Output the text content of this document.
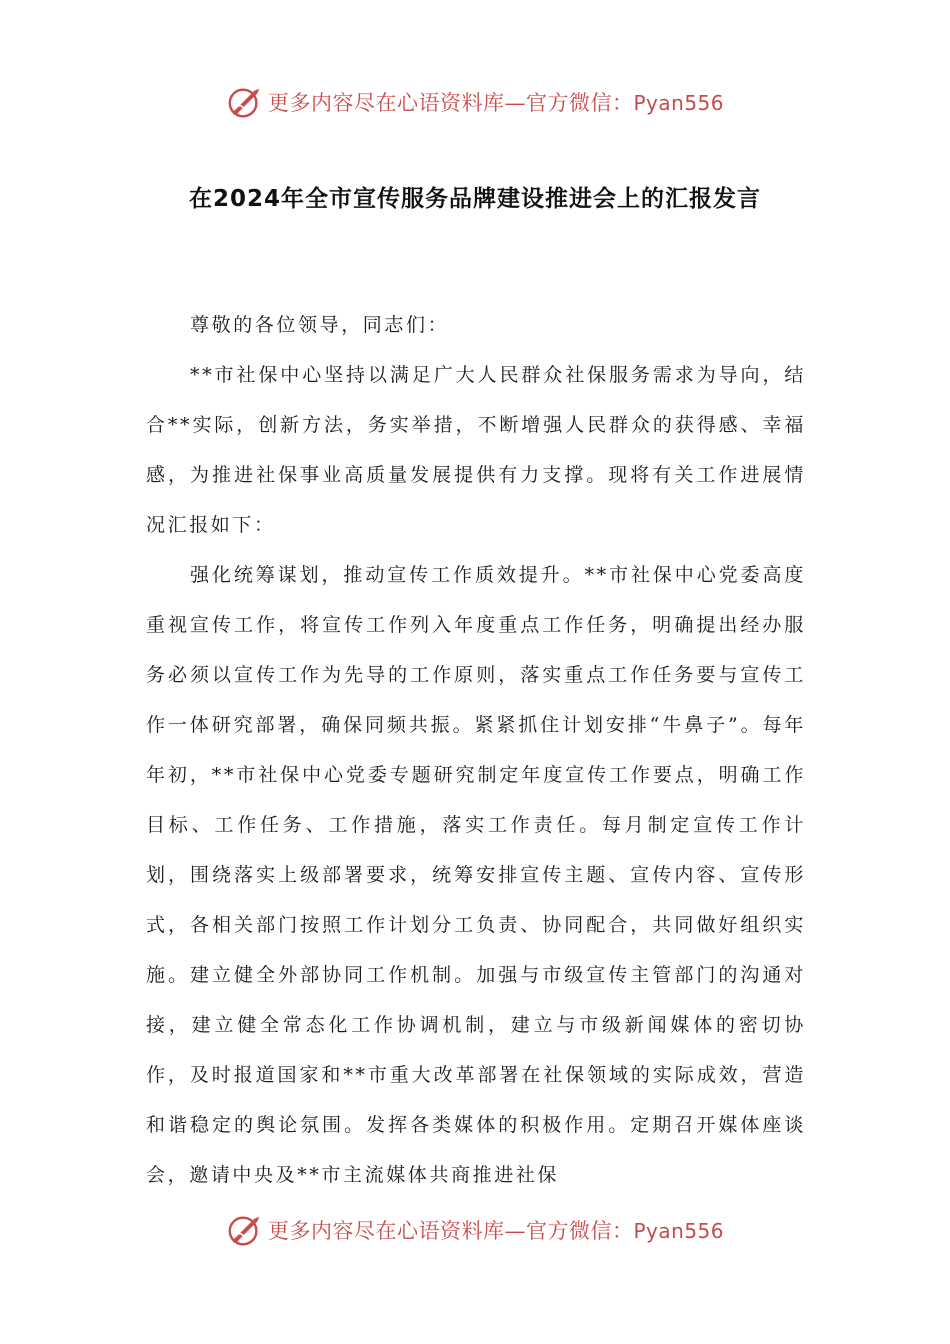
更多内容尽在心语资料库—官方微信：Pyan556
在2024年全市宣传服务品牌建设推进会上的汇报发言

尊敬的各位领导，同志们：

**市社保中心坚持以满足广大人民群众社保服务需求为导向，结合**实际，创新方法，务实举措，不断增强人民群众的获得感、幸福感，为推进社保事业高质量发展提供有力支撑。现将有关工作进展情况汇报如下：

强化统筹谋划，推动宣传工作质效提升。**市社保中心党委高度重视宣传工作，将宣传工作列入年度重点工作任务，明确提出经办服务必须以宣传工作为先导的工作原则，落实重点工作任务要与宣传工作一体研究部署，确保同频共振。紧紧抓住计划安排“牛鼻子”。每年年初，**市社保中心党委专题研究制定年度宣传工作要点，明确工作目标、工作任务、工作措施，落实工作责任。每月制定宣传工作计划，围绕落实上级部署要求，统筹安排宣传主题、宣传内容、宣传形式，各相关部门按照工作计划分工负责、协同配合，共同做好组织实施。建立健全外部协同工作机制。加强与市级宣传主管部门的沟通对接，建立健全常态化工作协调机制，建立与市级新闻媒体的密切协作，及时报道国家和**市重大改革部署在社保领域的实际成效，营造和谐稳定的舆论氛围。发挥各类媒体的积极作用。定期召开媒体座谈会，邀请中央及**市主流媒体共商推进社保

更多内容尽在心语资料库—官方微信：Pyan556
